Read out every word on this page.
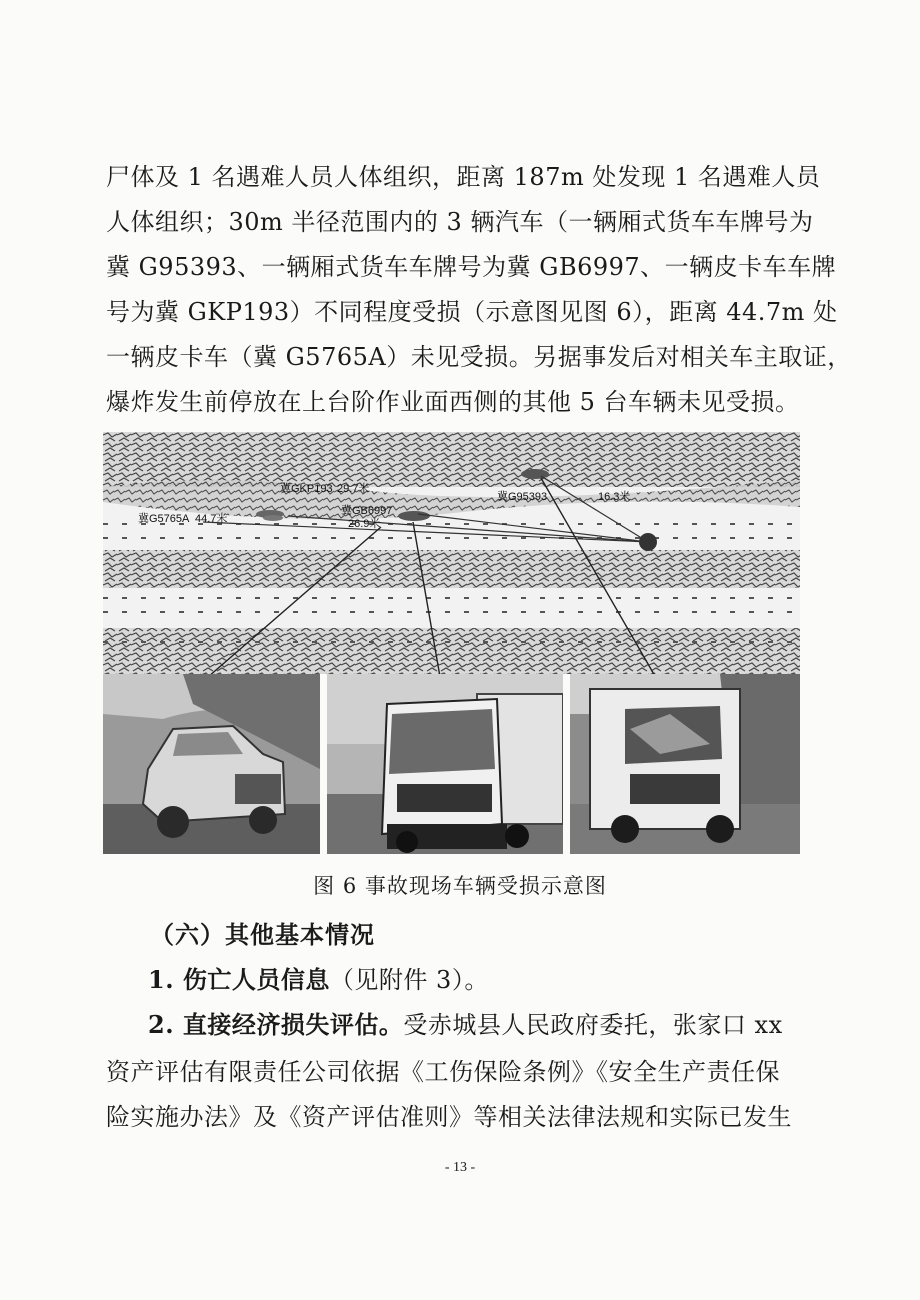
尸体及 1 名遇难人员人体组织，距离 187m 处发现 1 名遇难人员
人体组织；30m 半径范围内的 3 辆汽车（一辆厢式货车车牌号为
冀 G95393、一辆厢式货车车牌号为冀 GB6997、一辆皮卡车车牌
号为冀 GKP193）不同程度受损（示意图见图 6），距离 44.7m 处
一辆皮卡车（冀 G5765A）未见受损。另据事发后对相关车主取证，
爆炸发生前停放在上台阶作业面西侧的其他 5 台车辆未见受损。
冀GKP193 29.7米
冀G95393	16.3米
冀GB6997
26.9米
冀G5765A 44.7米
图 6 事故现场车辆受损示意图
（六）其他基本情况
1. 伤亡人员信息（见附件 3）。
2. 直接经济损失评估。受赤城县人民政府委托，张家口 xx
资产评估有限责任公司依据《工伤保险条例》《安全生产责任保
险实施办法》及《资产评估准则》等相关法律法规和实际已发生
- 13 -
